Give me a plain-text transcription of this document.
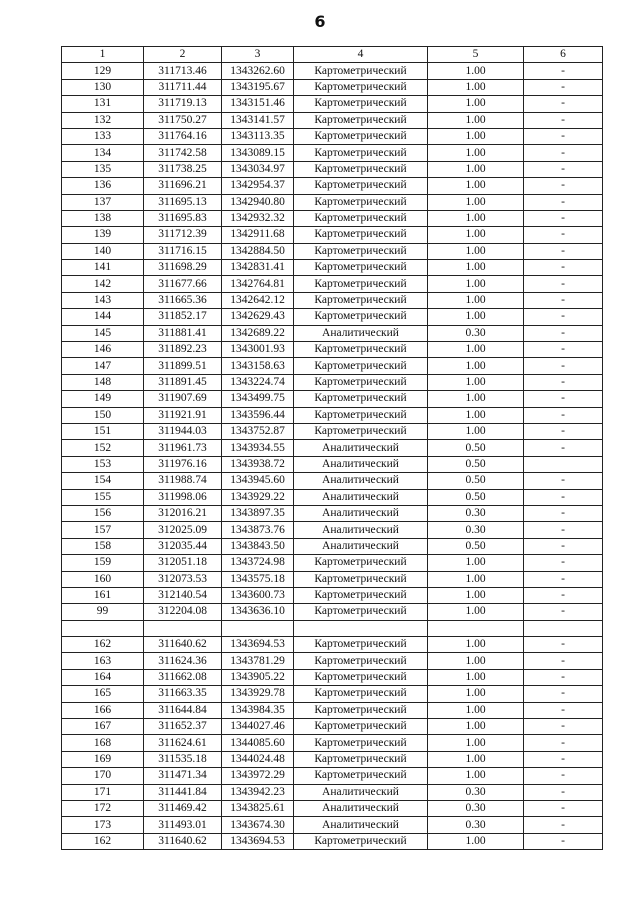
6
1	2	3	4	5	6
129	311713.46	1343262.60	Картометрический	1.00	-
130	311711.44	1343195.67	Картометрический	1.00	-
131	311719.13	1343151.46	Картометрический	1.00	-
132	311750.27	1343141.57	Картометрический	1.00	-
133	311764.16	1343113.35	Картометрический	1.00	-
134	311742.58	1343089.15	Картометрический	1.00	-
135	311738.25	1343034.97	Картометрический	1.00	-
136	311696.21	1342954.37	Картометрический	1.00	-
137	311695.13	1342940.80	Картометрический	1.00	-
138	311695.83	1342932.32	Картометрический	1.00	-
139	311712.39	1342911.68	Картометрический	1.00	-
140	311716.15	1342884.50	Картометрический	1.00	-
141	311698.29	1342831.41	Картометрический	1.00	-
142	311677.66	1342764.81	Картометрический	1.00	-
143	311665.36	1342642.12	Картометрический	1.00	-
144	311852.17	1342629.43	Картометрический	1.00	-
145	311881.41	1342689.22	Аналитический	0.30	-
146	311892.23	1343001.93	Картометрический	1.00	-
147	311899.51	1343158.63	Картометрический	1.00	-
148	311891.45	1343224.74	Картометрический	1.00	-
149	311907.69	1343499.75	Картометрический	1.00	-
150	311921.91	1343596.44	Картометрический	1.00	-
151	311944.03	1343752.87	Картометрический	1.00	-
152	311961.73	1343934.55	Аналитический	0.50	-
153	311976.16	1343938.72	Аналитический	0.50	
154	311988.74	1343945.60	Аналитический	0.50	-
155	311998.06	1343929.22	Аналитический	0.50	-
156	312016.21	1343897.35	Аналитический	0.30	-
157	312025.09	1343873.76	Аналитический	0.30	-
158	312035.44	1343843.50	Аналитический	0.50	-
159	312051.18	1343724.98	Картометрический	1.00	-
160	312073.53	1343575.18	Картометрический	1.00	-
161	312140.54	1343600.73	Картометрический	1.00	-
99	312204.08	1343636.10	Картометрический	1.00	-

162	311640.62	1343694.53	Картометрический	1.00	-
163	311624.36	1343781.29	Картометрический	1.00	-
164	311662.08	1343905.22	Картометрический	1.00	-
165	311663.35	1343929.78	Картометрический	1.00	-
166	311644.84	1343984.35	Картометрический	1.00	-
167	311652.37	1344027.46	Картометрический	1.00	-
168	311624.61	1344085.60	Картометрический	1.00	-
169	311535.18	1344024.48	Картометрический	1.00	-
170	311471.34	1343972.29	Картометрический	1.00	-
171	311441.84	1343942.23	Аналитический	0.30	-
172	311469.42	1343825.61	Аналитический	0.30	-
173	311493.01	1343674.30	Аналитический	0.30	-
162	311640.62	1343694.53	Картометрический	1.00	-
